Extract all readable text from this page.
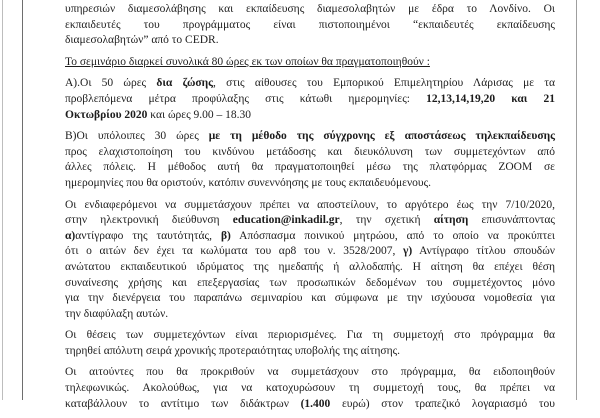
υπηρεσιών διαμεσολάβησης και εκπαίδευσης διαμεσολαβητών με έδρα το Λονδίνο. Οι
εκπαιδευτές του προγράμματος είναι πιστοποιημένοι “εκπαιδευτές εκπαίδευσης
διαμεσολαβητών” από το CEDR.
Το σεμινάριο διαρκεί συνολικά 80 ώρες εκ των οποίων θα πραγματοποιηθούν :
Α).Οι 50 ώρες δια ζώσης, στις αίθουσες του Εμπορικού Επιμελητηρίου Λάρισας με τα
προβλεπόμενα μέτρα προφύλαξης στις κάτωθι ημερομηνίες: 12,13,14,19,20 και 21
Οκτωβρίου 2020 και ώρες 9.00 – 18.30
Β)Οι υπόλοιπες 30 ώρες με τη μέθοδο της σύγχρονης εξ αποστάσεως τηλεκπαίδευσης
προς ελαχιστοποίηση του κινδύνου μετάδοσης και διευκόλυνση των συμμετεχόντων από
άλλες πόλεις. Η μέθοδος αυτή θα πραγματοποιηθεί μέσω της πλατφόρμας ZOOM σε
ημερομηνίες που θα οριστούν, κατόπιν συνεννόησης με τους εκπαιδευόμενους.
Οι ενδιαφερόμενοι να συμμετάσχουν πρέπει να αποστείλουν, το αργότερο έως την 7/10/2020,
στην ηλεκτρονική διεύθυνση education@inkadil.gr, την σχετική αίτηση επισυνάπτοντας
α)αντίγραφο της ταυτότητάς, β) Απόσπασμα ποινικού μητρώου, από το οποίο να προκύπτει
ότι ο αιτών δεν έχει τα κωλύματα του αρ8 του ν. 3528/2007, γ) Αντίγραφο τίτλου σπουδών
ανώτατου εκπαιδευτικού ιδρύματος της ημεδαπής ή αλλοδαπής. Η αίτηση θα επέχει θέση
συναίνεσης χρήσης και επεξεργασίας των προσωπικών δεδομένων του συμμετέχοντος μόνο
για την διενέργεια του παραπάνω σεμιναρίου και σύμφωνα με την ισχύουσα νομοθεσία για
την διαφύλαξη αυτών.
Οι θέσεις των συμμετεχόντων είναι περιορισμένες. Για τη συμμετοχή στο πρόγραμμα θα
τηρηθεί απόλυτη σειρά χρονικής προτεραιότητας υποβολής της αίτησης.
Οι αιτούντες που θα προκριθούν να συμμετάσχουν στο πρόγραμμα, θα ειδοποιηθούν
τηλεφωνικώς. Ακολούθως, για να κατοχυρώσουν τη συμμετοχή τους, θα πρέπει να
καταβάλλουν το αντίτιμο των διδάκτρων (1.400 ευρώ) στον τραπεζικό λογαριασμό του
